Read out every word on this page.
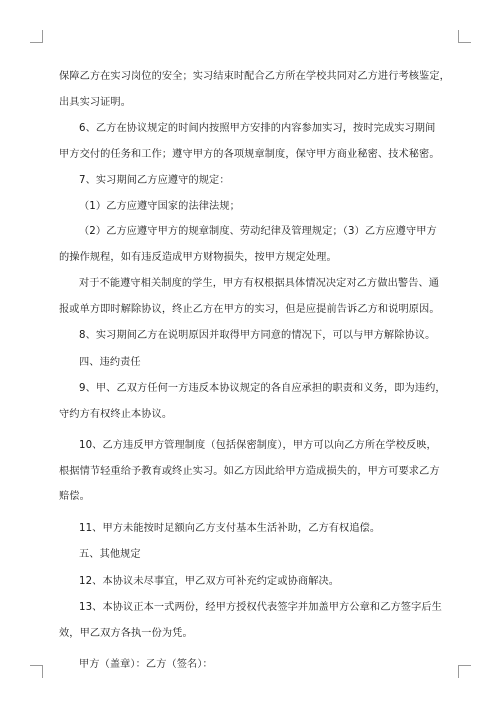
保障乙方在实习岗位的安全；实习结束时配合乙方所在学校共同对乙方进行考核鉴定，
出具实习证明。
6、乙方在协议规定的时间内按照甲方安排的内容参加实习，按时完成实习期间
甲方交付的任务和工作；遵守甲方的各项规章制度，保守甲方商业秘密、技术秘密。
7、实习期间乙方应遵守的规定：
（1）乙方应遵守国家的法律法规；
（2）乙方应遵守甲方的规章制度、劳动纪律及管理规定；（3）乙方应遵守甲方
的操作规程，如有违反造成甲方财物损失，按甲方规定处理。
对于不能遵守相关制度的学生，甲方有权根据具体情况决定对乙方做出警告、通
报或单方即时解除协议，终止乙方在甲方的实习，但是应提前告诉乙方和说明原因。
8、实习期间乙方在说明原因并取得甲方同意的情况下，可以与甲方解除协议。
四、违约责任
9、甲、乙双方任何一方违反本协议规定的各自应承担的职责和义务，即为违约，
守约方有权终止本协议。
10、乙方违反甲方管理制度（包括保密制度），甲方可以向乙方所在学校反映，
根据情节轻重给予教育或终止实习。如乙方因此给甲方造成损失的，甲方可要求乙方
赔偿。
11、甲方未能按时足额向乙方支付基本生活补助，乙方有权追偿。
五、其他规定
12、本协议未尽事宜，甲乙双方可补充约定或协商解决。
13、本协议正本一式两份，经甲方授权代表签字并加盖甲方公章和乙方签字后生
效，甲乙双方各执一份为凭。
甲方（盖章）：乙方（签名）：
